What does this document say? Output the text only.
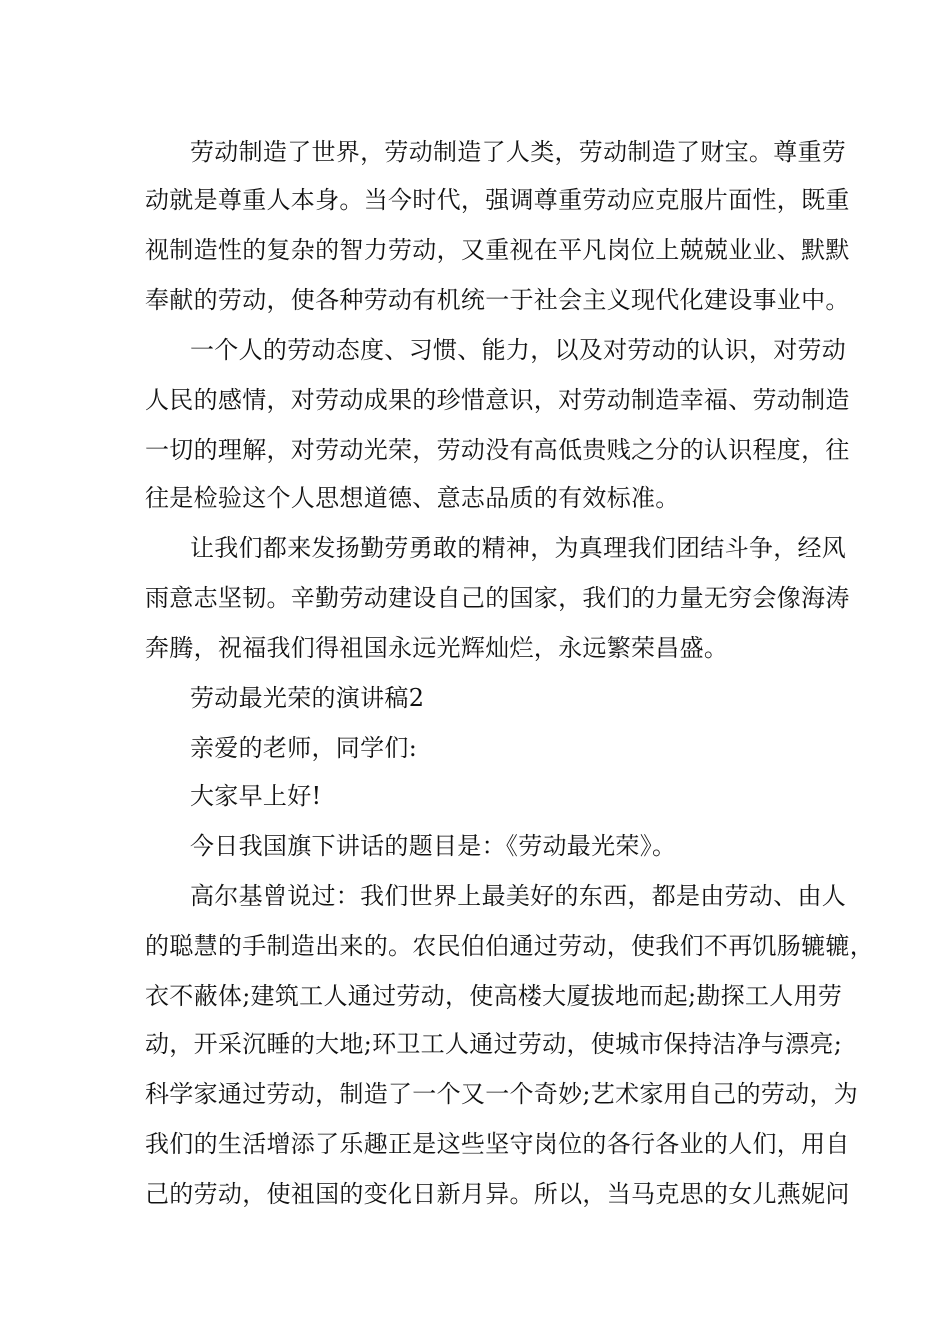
劳动制造了世界，劳动制造了人类，劳动制造了财宝。尊重劳
动就是尊重人本身。当今时代，强调尊重劳动应克服片面性，既重
视制造性的复杂的智力劳动，又重视在平凡岗位上兢兢业业、默默
奉献的劳动，使各种劳动有机统一于社会主义现代化建设事业中。
一个人的劳动态度、习惯、能力，以及对劳动的认识，对劳动
人民的感情，对劳动成果的珍惜意识，对劳动制造幸福、劳动制造
一切的理解，对劳动光荣，劳动没有高低贵贱之分的认识程度，往
往是检验这个人思想道德、意志品质的有效标准。
让我们都来发扬勤劳勇敢的精神，为真理我们团结斗争，经风
雨意志坚韧。辛勤劳动建设自己的国家，我们的力量无穷会像海涛
奔腾，祝福我们得祖国永远光辉灿烂，永远繁荣昌盛。
劳动最光荣的演讲稿2
亲爱的老师，同学们:
大家早上好!
今日我国旗下讲话的题目是：《劳动最光荣》。
高尔基曾说过：我们世界上最美好的东西，都是由劳动、由人
的聪慧的手制造出来的。农民伯伯通过劳动，使我们不再饥肠辘辘，
衣不蔽体;建筑工人通过劳动，使高楼大厦拔地而起;勘探工人用劳
动，开采沉睡的大地;环卫工人通过劳动，使城市保持洁净与漂亮;
科学家通过劳动，制造了一个又一个奇妙;艺术家用自己的劳动，为
我们的生活增添了乐趣正是这些坚守岗位的各行各业的人们，用自
己的劳动，使祖国的变化日新月异。所以，当马克思的女儿燕妮问
